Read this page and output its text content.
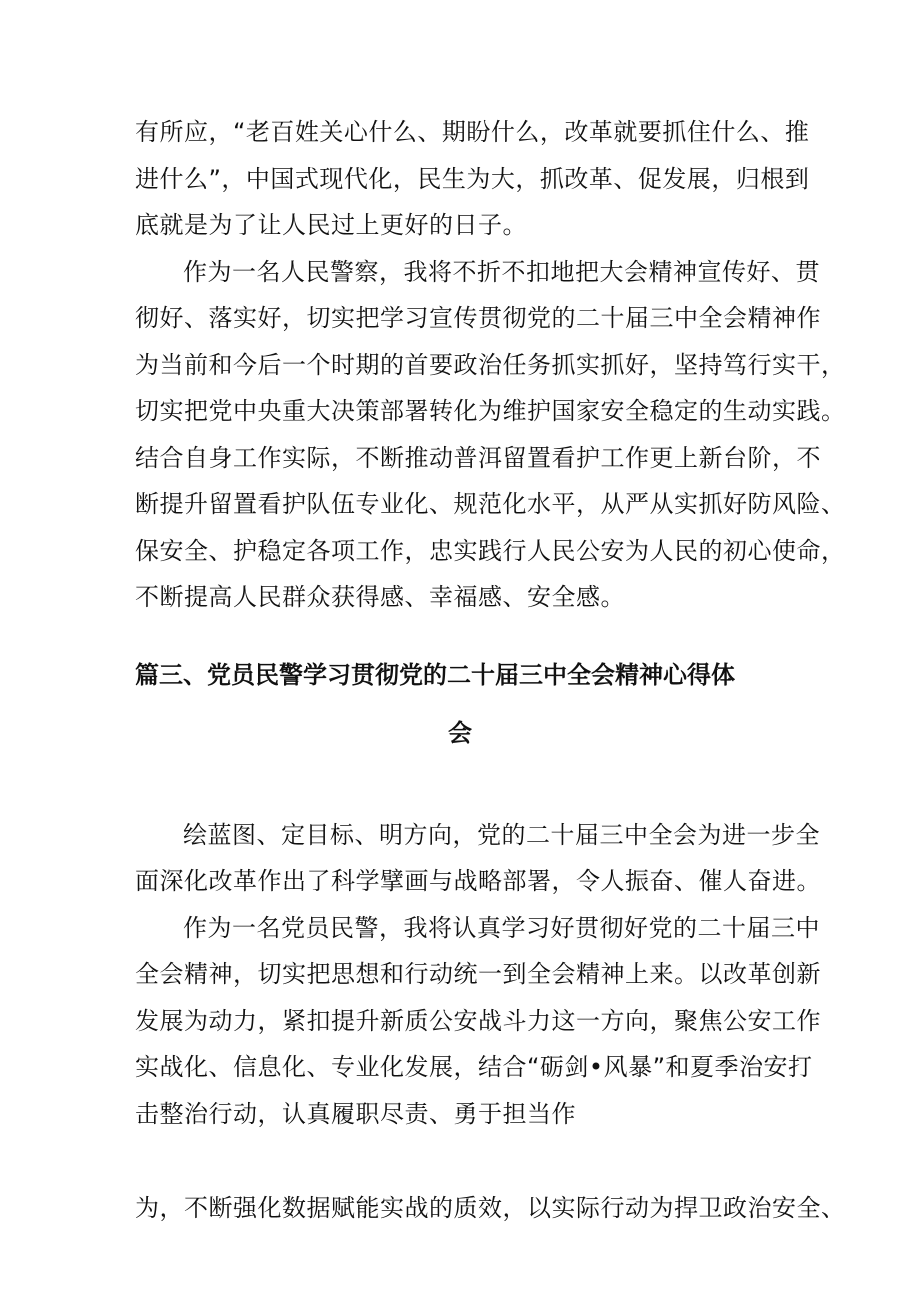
有所应，“老百姓关心什么、期盼什么，改革就要抓住什么、推
进什么”，中国式现代化，民生为大，抓改革、促发展，归根到
底就是为了让人民过上更好的日子。
作为一名人民警察，我将不折不扣地把大会精神宣传好、贯
彻好、落实好，切实把学习宣传贯彻党的二十届三中全会精神作
为当前和今后一个时期的首要政治任务抓实抓好，坚持笃行实干，
切实把党中央重大决策部署转化为维护国家安全稳定的生动实践。
结合自身工作实际，不断推动普洱留置看护工作更上新台阶，不
断提升留置看护队伍专业化、规范化水平，从严从实抓好防风险、
保安全、护稳定各项工作，忠实践行人民公安为人民的初心使命，
不断提高人民群众获得感、幸福感、安全感。
篇三、党员民警学习贯彻党的二十届三中全会精神心得体
会
绘蓝图、定目标、明方向，党的二十届三中全会为进一步全
面深化改革作出了科学擘画与战略部署，令人振奋、催人奋进。
作为一名党员民警，我将认真学习好贯彻好党的二十届三中
全会精神，切实把思想和行动统一到全会精神上来。以改革创新
发展为动力，紧扣提升新质公安战斗力这一方向，聚焦公安工作
实战化、信息化、专业化发展，结合“砺剑•风暴”和夏季治安打
击整治行动，认真履职尽责、勇于担当作
为，不断强化数据赋能实战的质效，以实际行动为捍卫政治安全、
